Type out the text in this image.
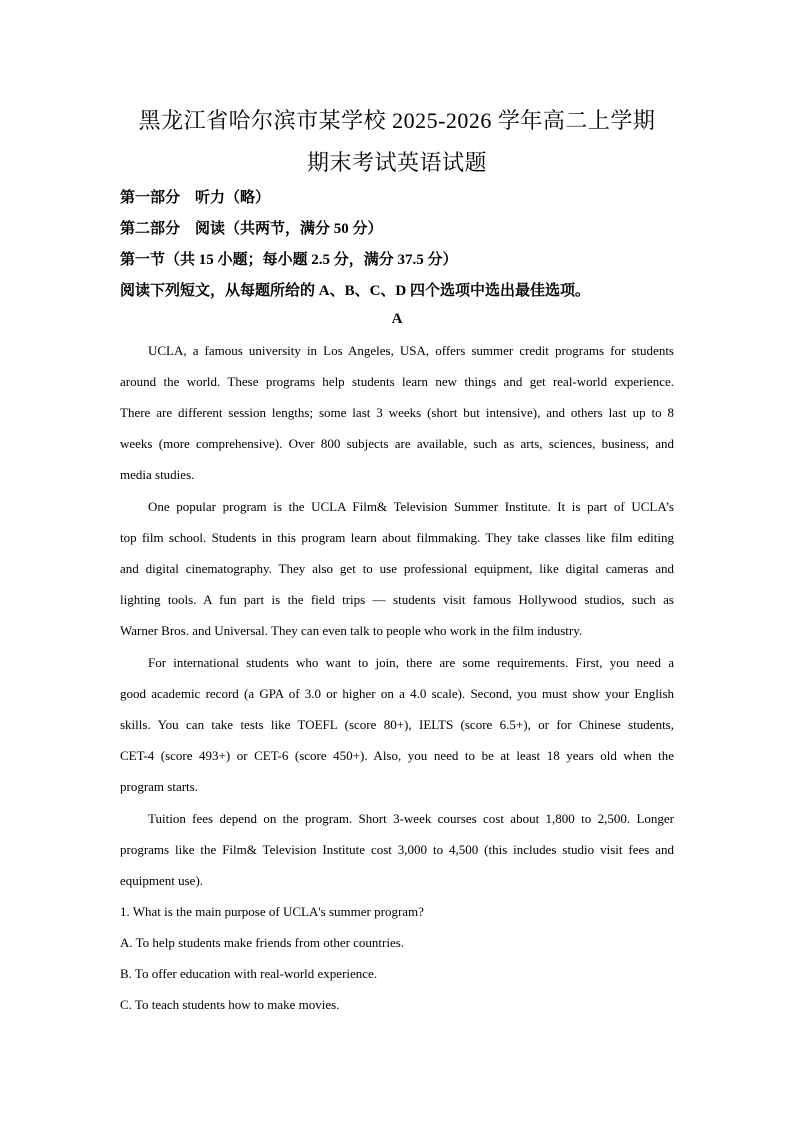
黑龙江省哈尔滨市某学校 2025-2026 学年高二上学期
期末考试英语试题
第一部分　听力（略）
第二部分　阅读（共两节，满分 50 分）
第一节（共 15 小题；每小题 2.5 分，满分 37.5 分）
阅读下列短文，从每题所给的 A、B、C、D 四个选项中选出最佳选项。
A
UCLA, a famous university in Los Angeles, USA, offers summer credit programs for students
around the world. These programs help students learn new things and get real-world experience.
There are different session lengths; some last 3 weeks (short but intensive), and others last up to 8
weeks (more comprehensive). Over 800 subjects are available, such as arts, sciences, business, and
media studies.
One popular program is the UCLA Film& Television Summer Institute. It is part of UCLA’s
top film school. Students in this program learn about filmmaking. They take classes like film editing
and digital cinematography. They also get to use professional equipment, like digital cameras and
lighting tools. A fun part is the field trips — students visit famous Hollywood studios, such as
Warner Bros. and Universal. They can even talk to people who work in the film industry.
For international students who want to join, there are some requirements. First, you need a
good academic record (a GPA of 3.0 or higher on a 4.0 scale). Second, you must show your English
skills. You can take tests like TOEFL (score 80+), IELTS (score 6.5+), or for Chinese students,
CET-4 (score 493+) or CET-6 (score 450+). Also, you need to be at least 18 years old when the
program starts.
Tuition fees depend on the program. Short 3-week courses cost about 1,800 to 2,500. Longer
programs like the Film& Television Institute cost 3,000 to 4,500 (this includes studio visit fees and
equipment use).
1. What is the main purpose of UCLA's summer program?
A. To help students make friends from other countries.
B. To offer education with real-world experience.
C. To teach students how to make movies.
